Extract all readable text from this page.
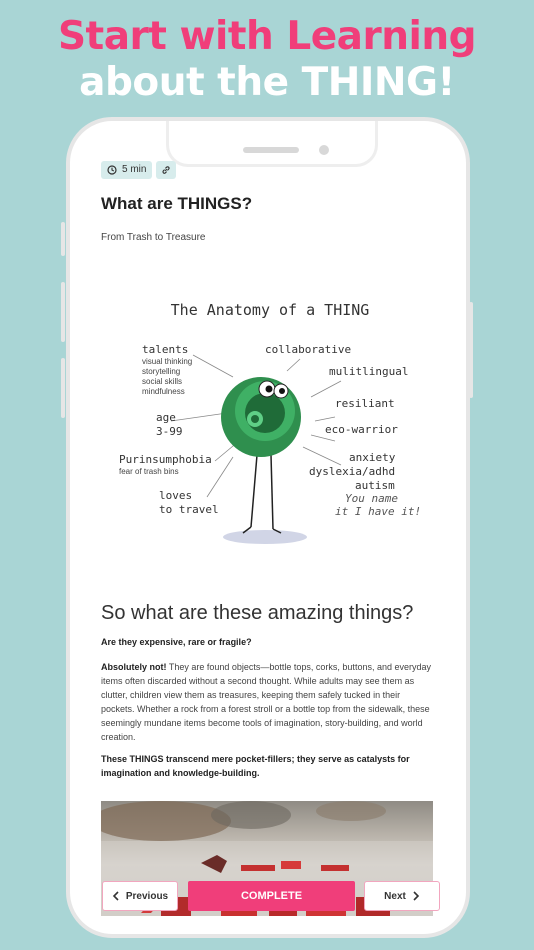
Start with Learning
about the THING!
5 min
What are THINGS?
From Trash to Treasure
The Anatomy of a THING
talents
visual thinking
storytelling
social skills
mindfulness
collaborative
mulitlingual
age
3-99
resiliant
eco-warrior
Purinsumphobia
fear of trash bins
anxiety
dyslexia/adhd
autism
You name
it I have it!
loves
to travel
So what are these amazing things?
Are they expensive, rare or fragile?
Absolutely not! They are found objects—bottle tops, corks, buttons, and everyday items often discarded without a second thought. While adults may see them as clutter, children view them as treasures, keeping them safely tucked in their pockets. Whether a rock from a forest stroll or a bottle top from the sidewalk, these seemingly mundane items become tools of imagination, story-building, and world creation.
These THINGS transcend mere pocket-fillers; they serve as catalysts for imagination and knowledge-building.
Previous	COMPLETE	Next
